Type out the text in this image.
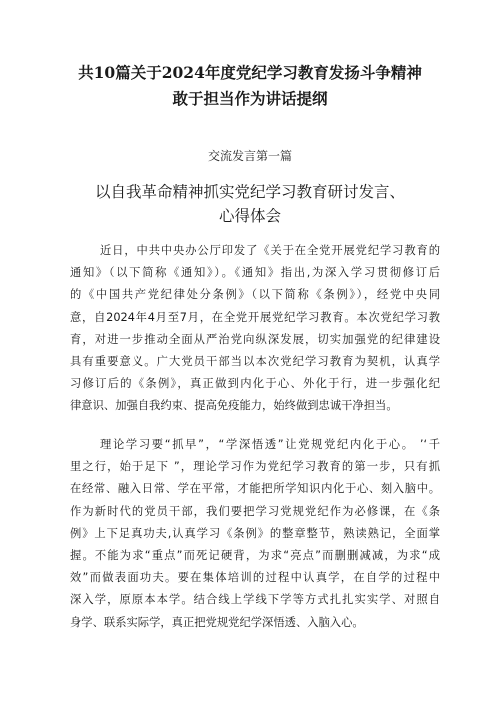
共10篇关于2024年度党纪学习教育发扬斗争精神
敢于担当作为讲话提纲
交流发言第一篇
以自我革命精神抓实党纪学习教育研讨发言、
心得体会
近日，中共中央办公厅印发了《关于在全党开展党纪学习教育的
通知》（以下简称《通知》）。《通知》指出,为深入学习贯彻修订后
的《中国共产党纪律处分条例》（以下简称《条例》），经党中央同
意，自2024年4月至7月，在全党开展党纪学习教育。本次党纪学习教
育，对进一步推动全面从严治党向纵深发展，切实加强党的纪律建设
具有重要意义。广大党员干部当以本次党纪学习教育为契机，认真学
习修订后的《条例》，真正做到内化于心、外化于行，进一步强化纪
律意识、加强自我约束、提高免疫能力，始终做到忠诚干净担当。
理论学习要“抓早”，“学深悟透”让党规党纪内化于心。 ’‘千
里之行，始于足下 ”，理论学习作为党纪学习教育的第一步，只有抓
在经常、融入日常、学在平常，才能把所学知识内化于心、刻入脑中。
作为新时代的党员干部，我们要把学习党规党纪作为必修课，在《条
例》上下足真功夫,认真学习《条例》的整章整节，熟读熟记，全面掌
握。不能为求“重点”而死记硬背，为求“亮点”而删删减减，为求“成
效”而做表面功夫。要在集体培训的过程中认真学，在自学的过程中
深入学，原原本本学。结合线上学线下学等方式扎扎实实学、对照自
身学、联系实际学，真正把党规党纪学深悟透、入脑入心。
